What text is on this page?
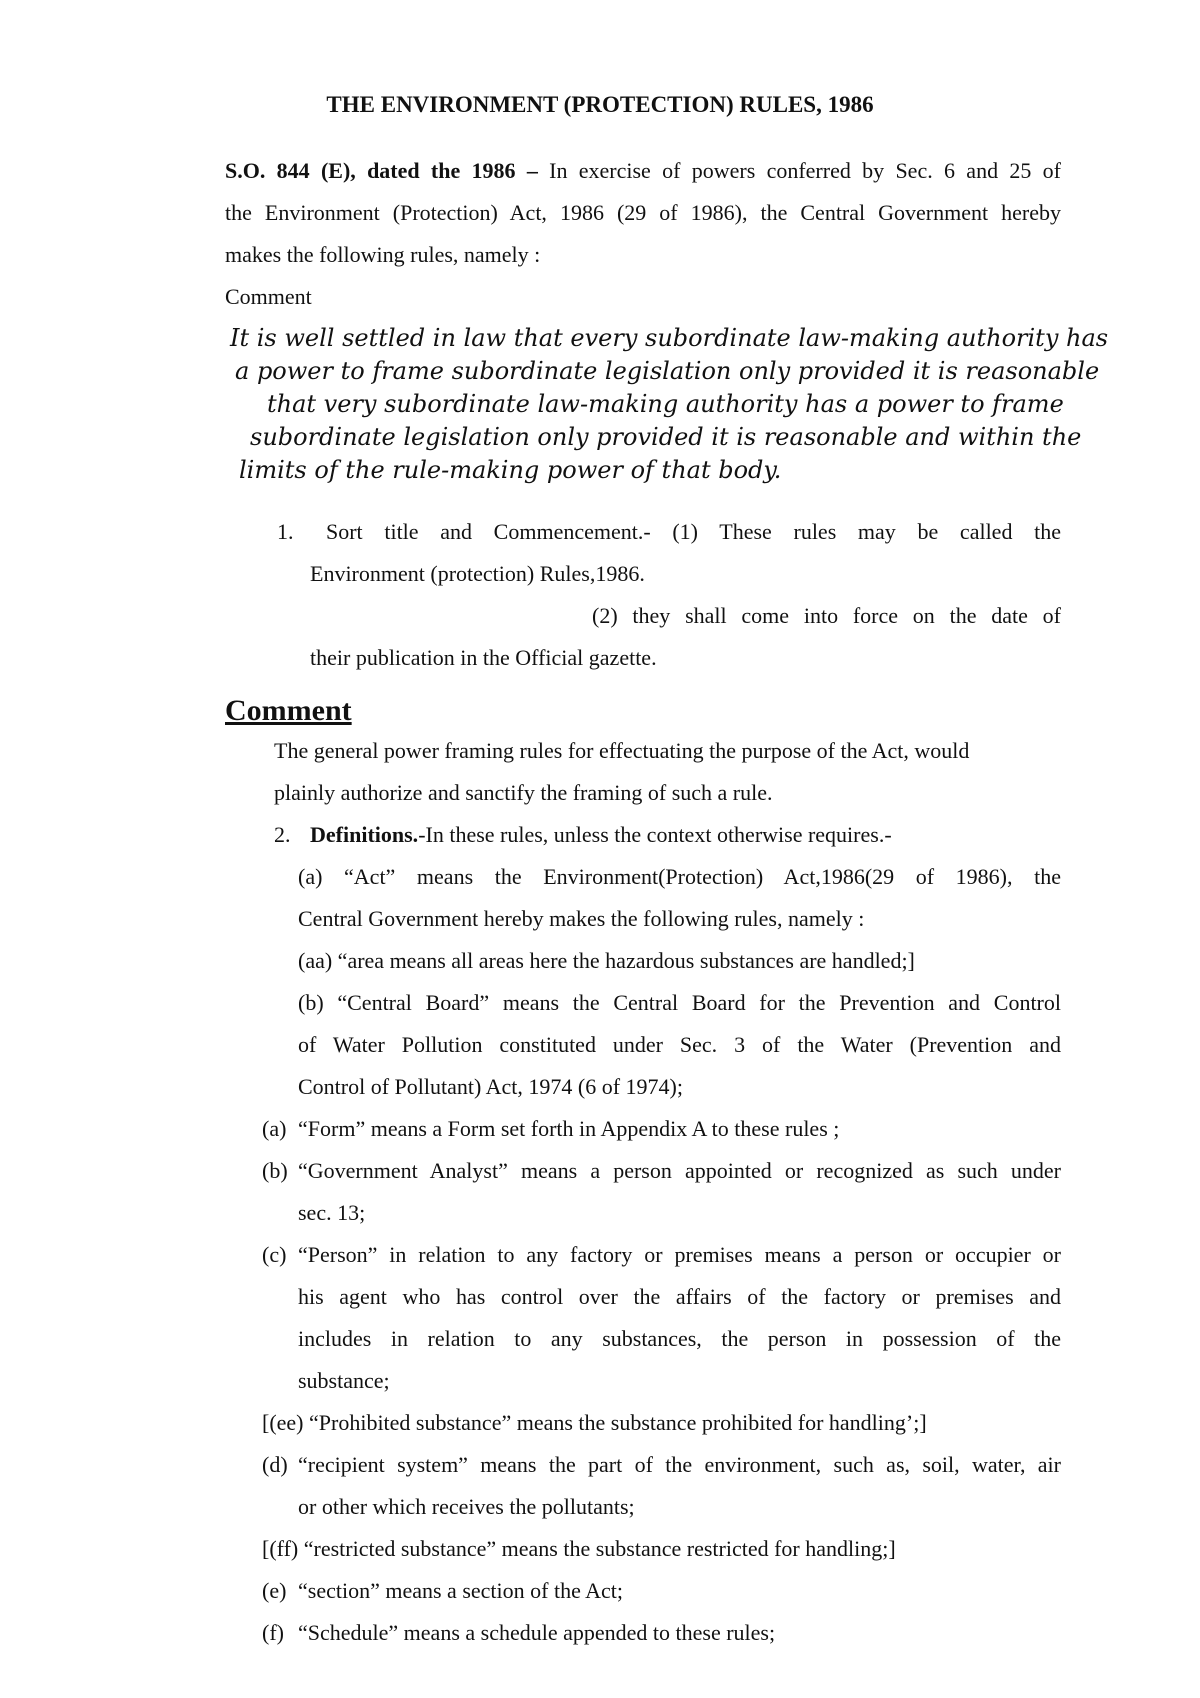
THE ENVIRONMENT (PROTECTION) RULES, 1986
S.O. 844 (E), dated the 1986 – In exercise of powers conferred by Sec. 6 and 25 of
the Environment (Protection) Act, 1986 (29 of 1986), the Central Government hereby
makes the following rules, namely :
Comment
It is well settled in law that every subordinate law-making authority has
a power to frame subordinate legislation only provided it is reasonable
that very subordinate law-making authority has a power to frame
subordinate legislation only provided it is reasonable and within the
limits of the rule-making power of that body.
1. Sort title and Commencement.- (1) These rules may be called the
Environment (protection) Rules,1986.
(2) they shall come into force on the date of
their publication in the Official gazette.
Comment
The general power framing rules for effectuating the purpose of the Act, would
plainly authorize and sanctify the framing of such a rule.
2. Definitions.-In these rules, unless the context otherwise requires.-
(a) “Act” means the Environment(Protection) Act,1986(29 of 1986), the
Central Government hereby makes the following rules, namely :
(aa) “area means all areas here the hazardous substances are handled;]
(b) “Central Board” means the Central Board for the Prevention and Control
of Water Pollution constituted under Sec. 3 of the Water (Prevention and
Control of Pollutant) Act, 1974 (6 of 1974);
(a) “Form” means a Form set forth in Appendix A to these rules ;
(b) “Government Analyst” means a person appointed or recognized as such under
sec. 13;
(c) “Person” in relation to any factory or premises means a person or occupier or
his agent who has control over the affairs of the factory or premises and
includes in relation to any substances, the person in possession of the
substance;
[(ee) “Prohibited substance” means the substance prohibited for handling’;]
(d) “recipient system” means the part of the environment, such as, soil, water, air
or other which receives the pollutants;
[(ff) “restricted substance” means the substance restricted for handling;]
(e) “section” means a section of the Act;
(f) “Schedule” means a schedule appended to these rules;
